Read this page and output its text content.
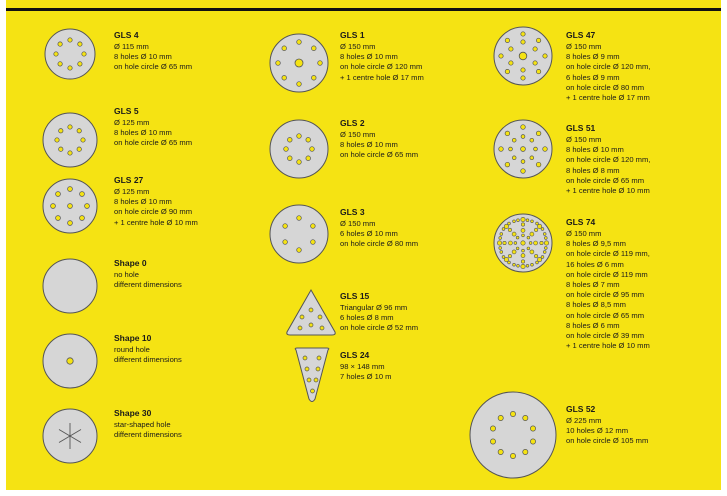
GLS 4
Ø 115 mm
8 holes Ø 10 mm
on hole circle Ø 65 mm
GLS 5
Ø 125 mm
8 holes Ø 10 mm
on hole circle Ø 65 mm
GLS 27
Ø 125 mm
8 holes Ø 10 mm
on hole circle Ø 90 mm
+ 1 centre hole Ø 10 mm
Shape 0
no hole
different dimensions
Shape 10
round hole
different dimensions
Shape 30
star-shaped hole
different dimensions
GLS 1
Ø 150 mm
8 holes Ø 10 mm
on hole circle Ø 120 mm
+ 1 centre hole Ø 17 mm
GLS 2
Ø 150 mm
8 holes Ø 10 mm
on hole circle Ø 65 mm
GLS 3
Ø 150 mm
6 holes Ø 10 mm
on hole circle Ø 80 mm
GLS 15
Triangular Ø 96 mm
6 holes Ø 8 mm
on hole circle Ø 52 mm
GLS 24
98 × 148 mm
7 holes Ø 10 m
GLS 47
Ø 150 mm
8 holes Ø 9 mm
on hole circle Ø 120 mm,
6 holes Ø 9 mm
on hole circle Ø 80 mm
+ 1 centre hole Ø 17 mm
GLS 51
Ø 150 mm
8 holes Ø 10 mm
on hole circle Ø 120 mm,
8 holes Ø 8 mm
on hole circle Ø 65 mm
+ 1 centre hole Ø 10 mm
GLS 74
Ø 150 mm
8 holes Ø 9,5 mm
on hole circle Ø 119 mm,
16 holes Ø 6 mm
on hole circle Ø 119 mm
8 holes Ø 7 mm
on hole circle Ø 95 mm
8 holes Ø 8,5 mm
on hole circle Ø 65 mm
8 holes Ø 6 mm
on hole circle Ø 39 mm
+ 1 centre hole Ø 10 mm
GLS 52
Ø 225 mm
10 holes Ø 12 mm
on hole circle Ø 105 mm
